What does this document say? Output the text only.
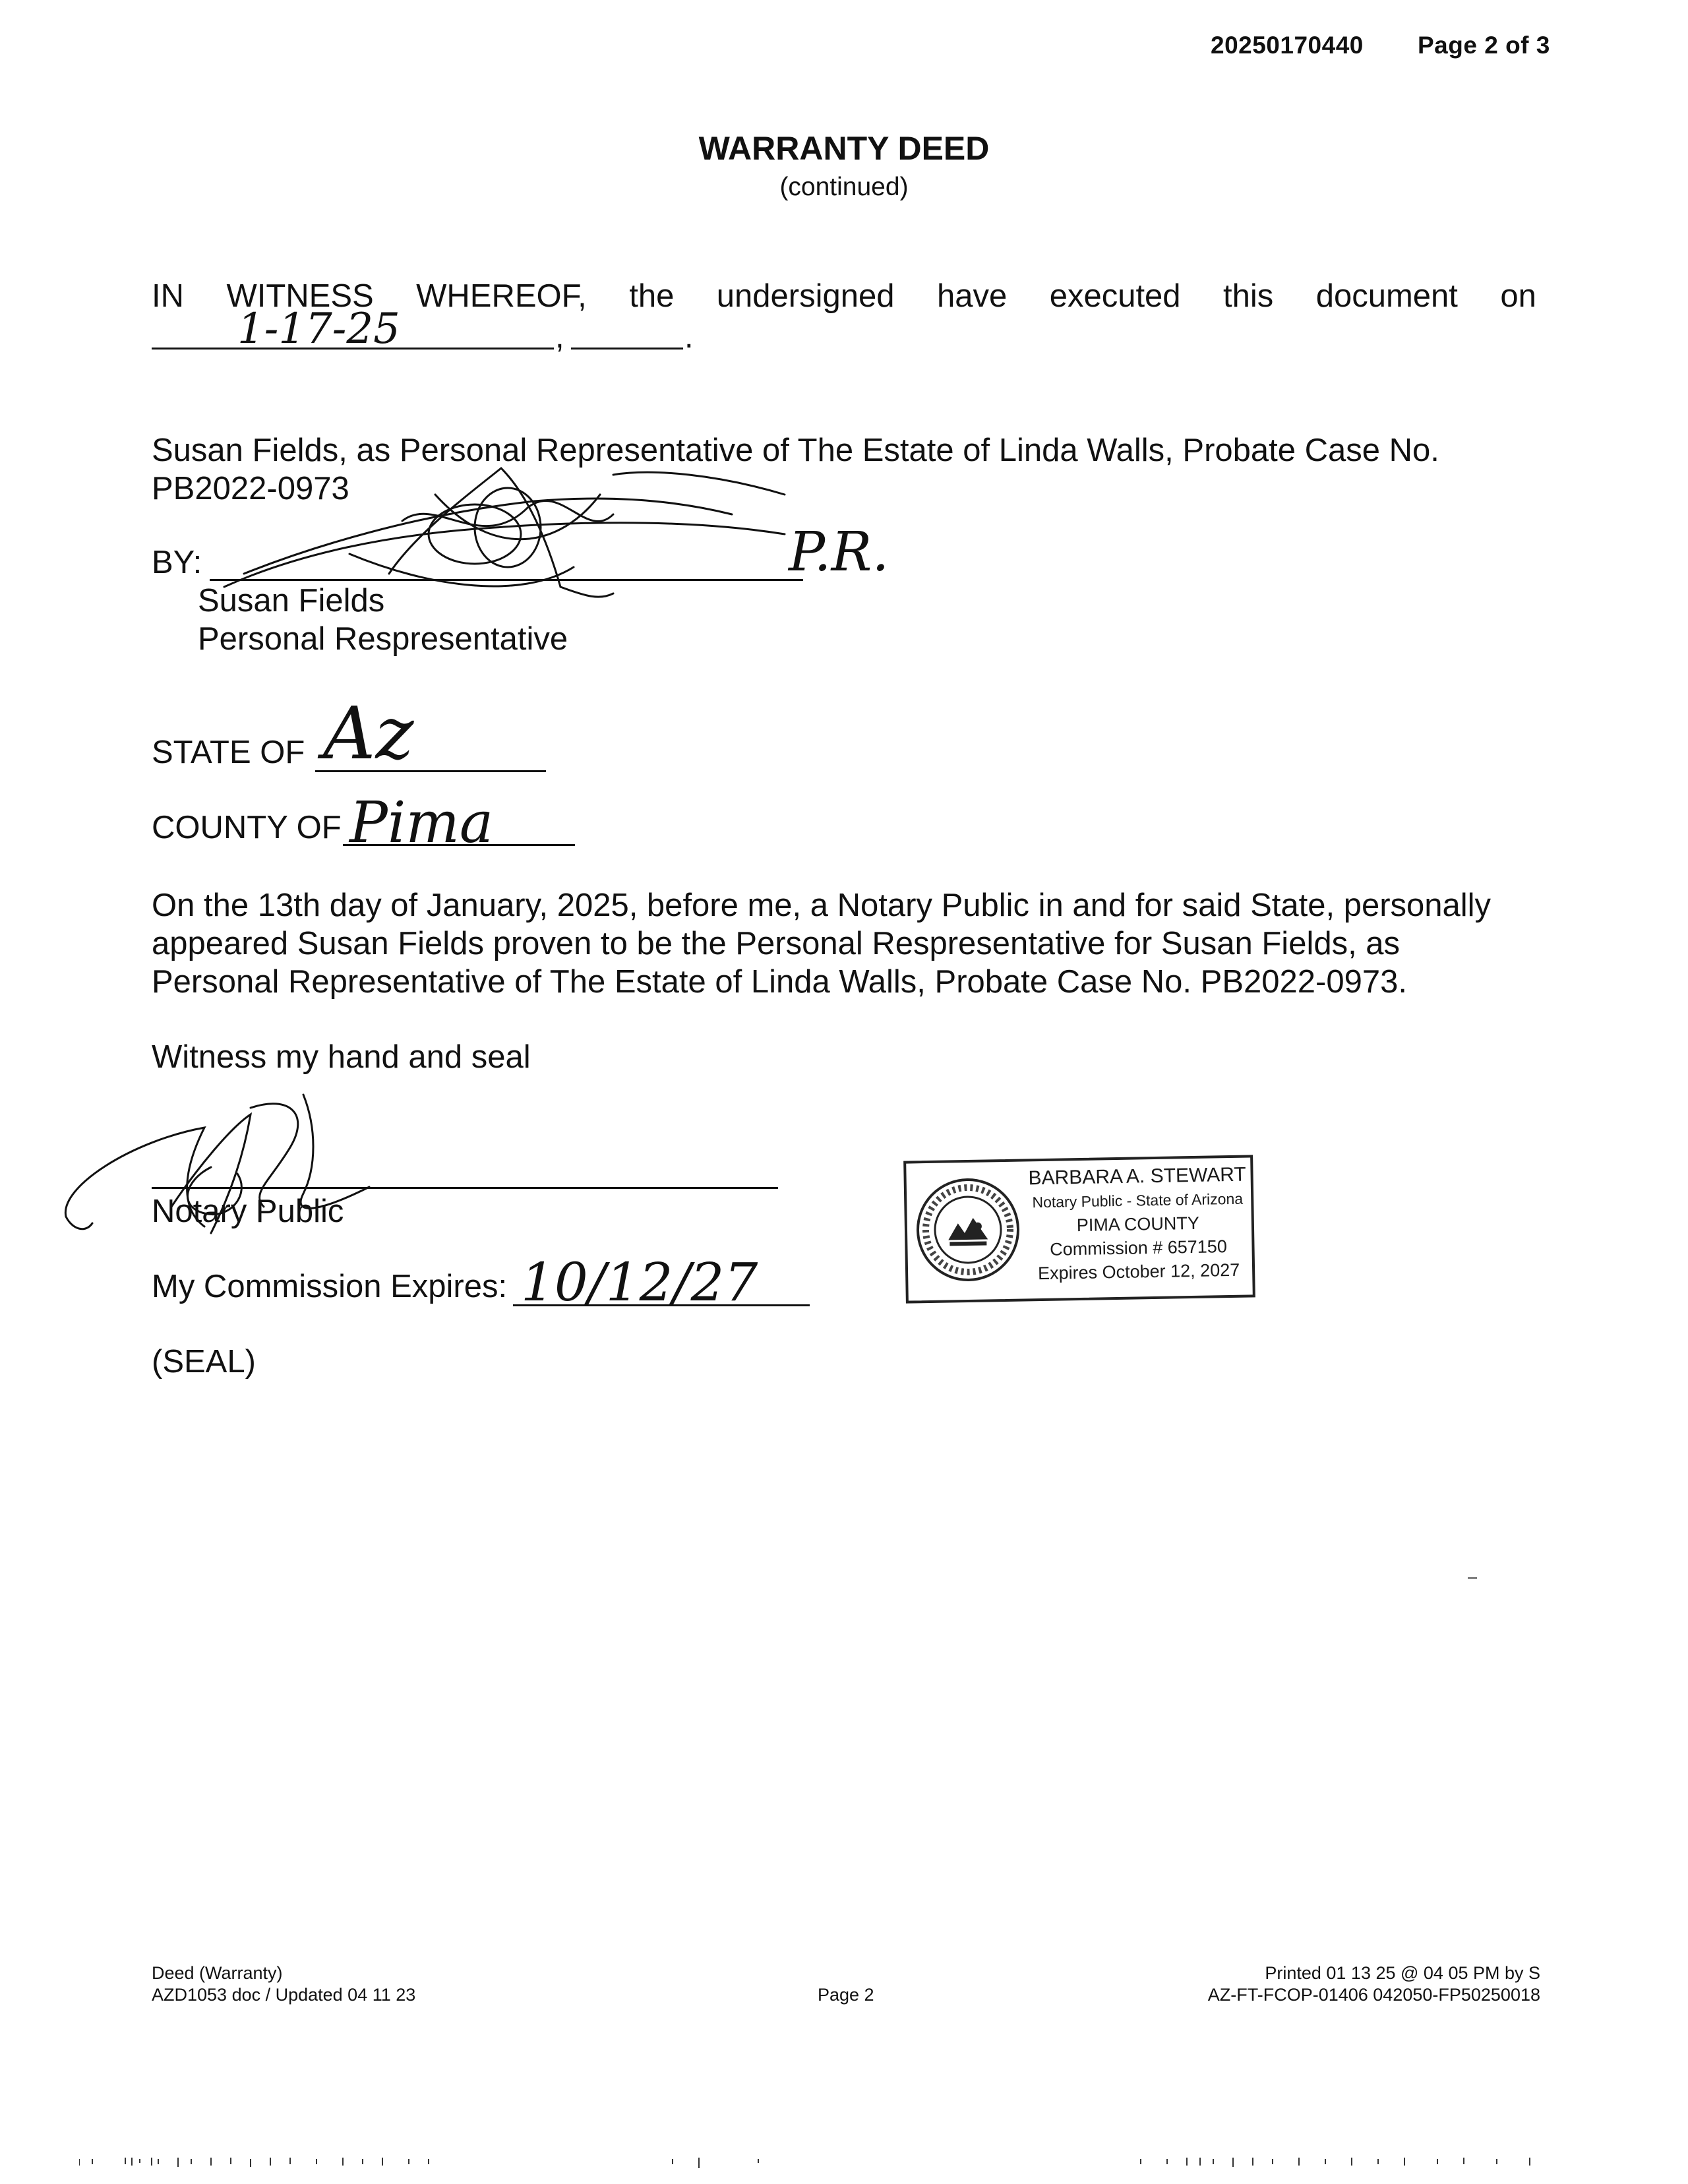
20250170440 Page 2 of 3
WARRANTY DEED
(continued)
IN WITNESS WHEREOF, the undersigned have executed this document on
1-17-25	,	.
Susan Fields, as Personal Representative of The Estate of Linda Walls, Probate Case No.
PB2022-0973
BY:	P.R.
Susan Fields
Personal Respresentative
STATE OF Az
COUNTY OF Pima
On the 13th day of January, 2025, before me, a Notary Public in and for said State, personally
appeared Susan Fields proven to be the Personal Respresentative for Susan Fields, as
Personal Representative of The Estate of Linda Walls, Probate Case No. PB2022-0973.
Witness my hand and seal
Notary Public
My Commission Expires: 10/12/27
(SEAL)
BARBARA A. STEWART
Notary Public - State of Arizona
PIMA COUNTY
Commission # 657150
Expires October 12, 2027
Deed (Warranty)
AZD1053 doc / Updated 04 11 23	Page 2
Printed 01 13 25 @ 04 05 PM by S
AZ-FT-FCOP-01406 042050-FP50250018
